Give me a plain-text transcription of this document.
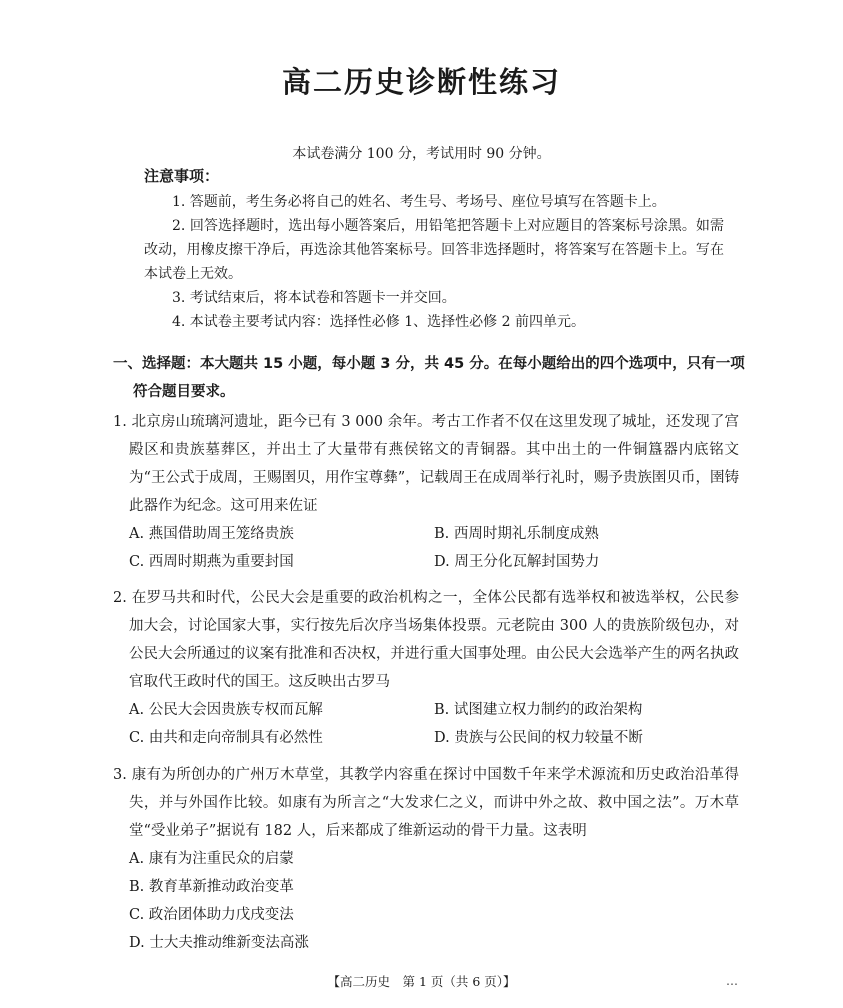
高二历史诊断性练习
本试卷满分 100 分，考试用时 90 分钟。
注意事项：
1. 答题前，考生务必将自己的姓名、考生号、考场号、座位号填写在答题卡上。
2. 回答选择题时，选出每小题答案后，用铅笔把答题卡上对应题目的答案标号涂黑。如需改动，用橡皮擦干净后，再选涂其他答案标号。回答非选择题时，将答案写在答题卡上。写在本试卷上无效。
3. 考试结束后，将本试卷和答题卡一并交回。
4. 本试卷主要考试内容：选择性必修 1、选择性必修 2 前四单元。

一、选择题：本大题共 15 小题，每小题 3 分，共 45 分。在每小题给出的四个选项中，只有一项符合题目要求。

1. 北京房山琉璃河遗址，距今已有 3 000 余年。考古工作者不仅在这里发现了城址，还发现了宫殿区和贵族墓葬区，并出土了大量带有燕侯铭文的青铜器。其中出土的一件铜簋器内底铭文为“王公式于成周，王赐圉贝，用作宝尊彝”，记载周王在成周举行礼时，赐予贵族圉贝币，圉铸此器作为纪念。这可用来佐证

A. 燕国借助周王笼络贵族	B. 西周时期礼乐制度成熟
C. 西周时期燕为重要封国	D. 周王分化瓦解封国势力

2. 在罗马共和时代，公民大会是重要的政治机构之一，全体公民都有选举权和被选举权，公民参加大会，讨论国家大事，实行按先后次序当场集体投票。元老院由 300 人的贵族阶级包办，对公民大会所通过的议案有批准和否决权，并进行重大国事处理。由公民大会选举产生的两名执政官取代王政时代的国王。这反映出古罗马

A. 公民大会因贵族专权而瓦解	B. 试图建立权力制约的政治架构
C. 由共和走向帝制具有必然性	D. 贵族与公民间的权力较量不断

3. 康有为所创办的广州万木草堂，其教学内容重在探讨中国数千年来学术源流和历史政治沿革得失，并与外国作比较。如康有为所言之“大发求仁之义，而讲中外之故、救中国之法”。万木草堂“受业弟子”据说有 182 人，后来都成了维新运动的骨干力量。这表明

A. 康有为注重民众的启蒙
B. 教育革新推动政治变革
C. 政治团体助力戊戌变法
D. 士大夫推动维新变法高涨
【高二历史　第 1 页（共 6 页）】	…
